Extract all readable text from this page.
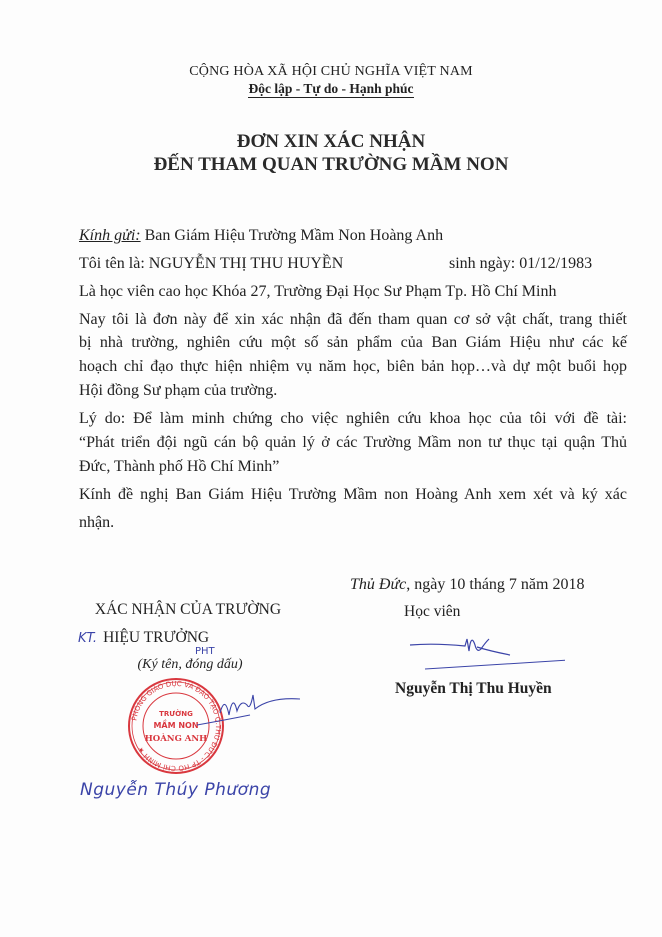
CỘNG HÒA XÃ HỘI CHỦ NGHĨA VIỆT NAM
Độc lập - Tự do - Hạnh phúc
ĐƠN XIN XÁC NHẬN
ĐẾN THAM QUAN TRƯỜNG MẦM NON
Kính gửi: Ban Giám Hiệu Trường Mầm Non Hoàng Anh
Tôi tên là: NGUYỄN THỊ THU HUYỀN	sinh ngày: 01/12/1983
Là học viên cao học Khóa 27, Trường Đại Học Sư Phạm Tp. Hồ Chí Minh
Nay tôi là đơn này để xin xác nhận đã đến tham quan cơ sở vật chất, trang thiết
bị nhà trường, nghiên cứu một số sản phẩm của Ban Giám Hiệu như các kế
hoạch chỉ đạo thực hiện nhiệm vụ năm học, biên bản họp…và dự một buổi họp
Hội đồng Sư phạm của trường.
Lý do: Để làm minh chứng cho việc nghiên cứu khoa học của tôi với đề tài:
“Phát triển đội ngũ cán bộ quản lý ở các Trường Mầm non tư thục tại quận Thủ
Đức, Thành phố Hồ Chí Minh”
Kính đề nghị Ban Giám Hiệu Trường Mầm non Hoàng Anh xem xét và ký xác
nhận.
Thủ Đức, ngày 10 tháng 7 năm 2018
Học viên
Nguyễn Thị Thu Huyền
XÁC NHẬN CỦA TRƯỜNG
KT. HIỆU TRƯỞNG
PHT
(Ký tên, đóng dấu)
PHÒNG GIÁO DỤC VÀ ĐÀO TẠO Q.THỦ ĐỨC - TP HỒ CHÍ MINH ★
TRƯỜNG
MẦM NON
HOÀNG ANH
Nguyễn Thúy Phương
